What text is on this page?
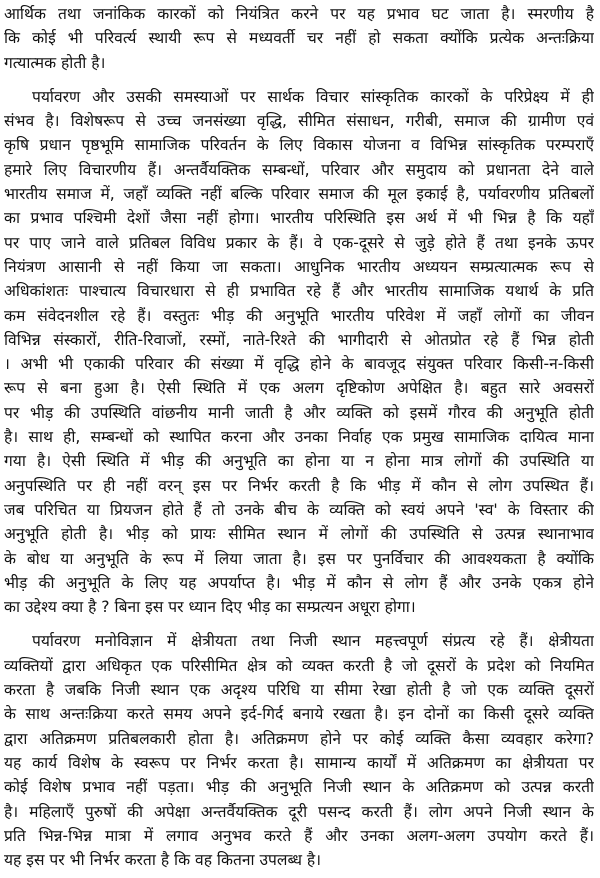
आर्थिक तथा जनांकिक कारकों को नियंत्रित करने पर यह प्रभाव घट जाता है। स्मरणीय है
कि कोई भी परिवर्त्य स्थायी रूप से मध्यवर्ती चर नहीं हो सकता क्योंकि प्रत्येक अन्तःक्रिया
गत्यात्मक होती है।
पर्यावरण और उसकी समस्याओं पर सार्थक विचार सांस्कृतिक कारकों के परिप्रेक्ष्य में ही
संभव है। विशेषरूप से उच्च जनसंख्या वृद्धि, सीमित संसाधन, गरीबी, समाज की ग्रामीण एवं
कृषि प्रधान पृष्ठभूमि सामाजिक परिवर्तन के लिए विकास योजना व विभिन्न सांस्कृतिक परम्पराएँ
हमारे लिए विचारणीय हैं। अन्तर्वैयक्तिक सम्बन्धों, परिवार और समुदाय को प्रधानता देने वाले
भारतीय समाज में, जहाँ व्यक्ति नहीं बल्कि परिवार समाज की मूल इकाई है, पर्यावरणीय प्रतिबलों
का प्रभाव पश्चिमी देशों जैसा नहीं होगा। भारतीय परिस्थिति इस अर्थ में भी भिन्न है कि यहाँ
पर पाए जाने वाले प्रतिबल विविध प्रकार के हैं। वे एक-दूसरे से जुड़े होते हैं तथा इनके ऊपर
नियंत्रण आसानी से नहीं किया जा सकता। आधुनिक भारतीय अध्ययन सम्प्रत्यात्मक रूप से
अधिकांशतः पाश्चात्य विचारधारा से ही प्रभावित रहे हैं और भारतीय सामाजिक यथार्थ के प्रति
कम संवेदनशील रहे हैं। वस्तुतः भीड़ की अनुभूति भारतीय परिवेश में जहाँ लोगों का जीवन
विभिन्न संस्कारों, रीति-रिवाजों, रस्मों, नाते-रिश्ते की भागीदारी से ओतप्रोत रहे हैं भिन्न होती
। अभी भी एकाकी परिवार की संख्या में वृद्धि होने के बावजूद संयुक्त परिवार किसी-न-किसी
रूप से बना हुआ है। ऐसी स्थिति में एक अलग दृष्टिकोण अपेक्षित है। बहुत सारे अवसरों
पर भीड़ की उपस्थिति वांछनीय मानी जाती है और व्यक्ति को इसमें गौरव की अनुभूति होती
है। साथ ही, सम्बन्धों को स्थापित करना और उनका निर्वाह एक प्रमुख सामाजिक दायित्व माना
गया है। ऐसी स्थिति में भीड़ की अनुभूति का होना या न होना मात्र लोगों की उपस्थिति या
अनुपस्थिति पर ही नहीं वरन् इस पर निर्भर करती है कि भीड़ में कौन से लोग उपस्थित हैं।
जब परिचित या प्रियजन होते हैं तो उनके बीच के व्यक्ति को स्वयं अपने 'स्व' के विस्तार की
अनुभूति होती है। भीड़ को प्रायः सीमित स्थान में लोगों की उपस्थिति से उत्पन्न स्थानाभाव
के बोध या अनुभूति के रूप में लिया जाता है। इस पर पुनर्विचार की आवश्यकता है क्योंकि
भीड़ की अनुभूति के लिए यह अपर्याप्त है। भीड़ में कौन से लोग हैं और उनके एकत्र होने
का उद्देश्य क्या है ? बिना इस पर ध्यान दिए भीड़ का सम्प्रत्यन अधूरा होगा।
पर्यावरण मनोविज्ञान में क्षेत्रीयता तथा निजी स्थान महत्त्वपूर्ण संप्रत्य रहे हैं। क्षेत्रीयता
व्यक्तियों द्वारा अधिकृत एक परिसीमित क्षेत्र को व्यक्त करती है जो दूसरों के प्रदेश को नियमित
करता है जबकि निजी स्थान एक अदृश्य परिधि या सीमा रेखा होती है जो एक व्यक्ति दूसरों
के साथ अन्तःक्रिया करते समय अपने इर्द-गिर्द बनाये रखता है। इन दोनों का किसी दूसरे व्यक्ति
द्वारा अतिक्रमण प्रतिबलकारी होता है। अतिक्रमण होने पर कोई व्यक्ति कैसा व्यवहार करेगा?
यह कार्य विशेष के स्वरूप पर निर्भर करता है। सामान्य कार्यों में अतिक्रमण का क्षेत्रीयता पर
कोई विशेष प्रभाव नहीं पड़ता। भीड़ की अनुभूति निजी स्थान के अतिक्रमण को उत्पन्न करती
है। महिलाएँ पुरुषों की अपेक्षा अन्तर्वैयक्तिक दूरी पसन्द करती हैं। लोग अपने निजी स्थान के
प्रति भिन्न-भिन्न मात्रा में लगाव अनुभव करते हैं और उनका अलग-अलग उपयोग करते हैं।
यह इस पर भी निर्भर करता है कि वह कितना उपलब्ध है।
